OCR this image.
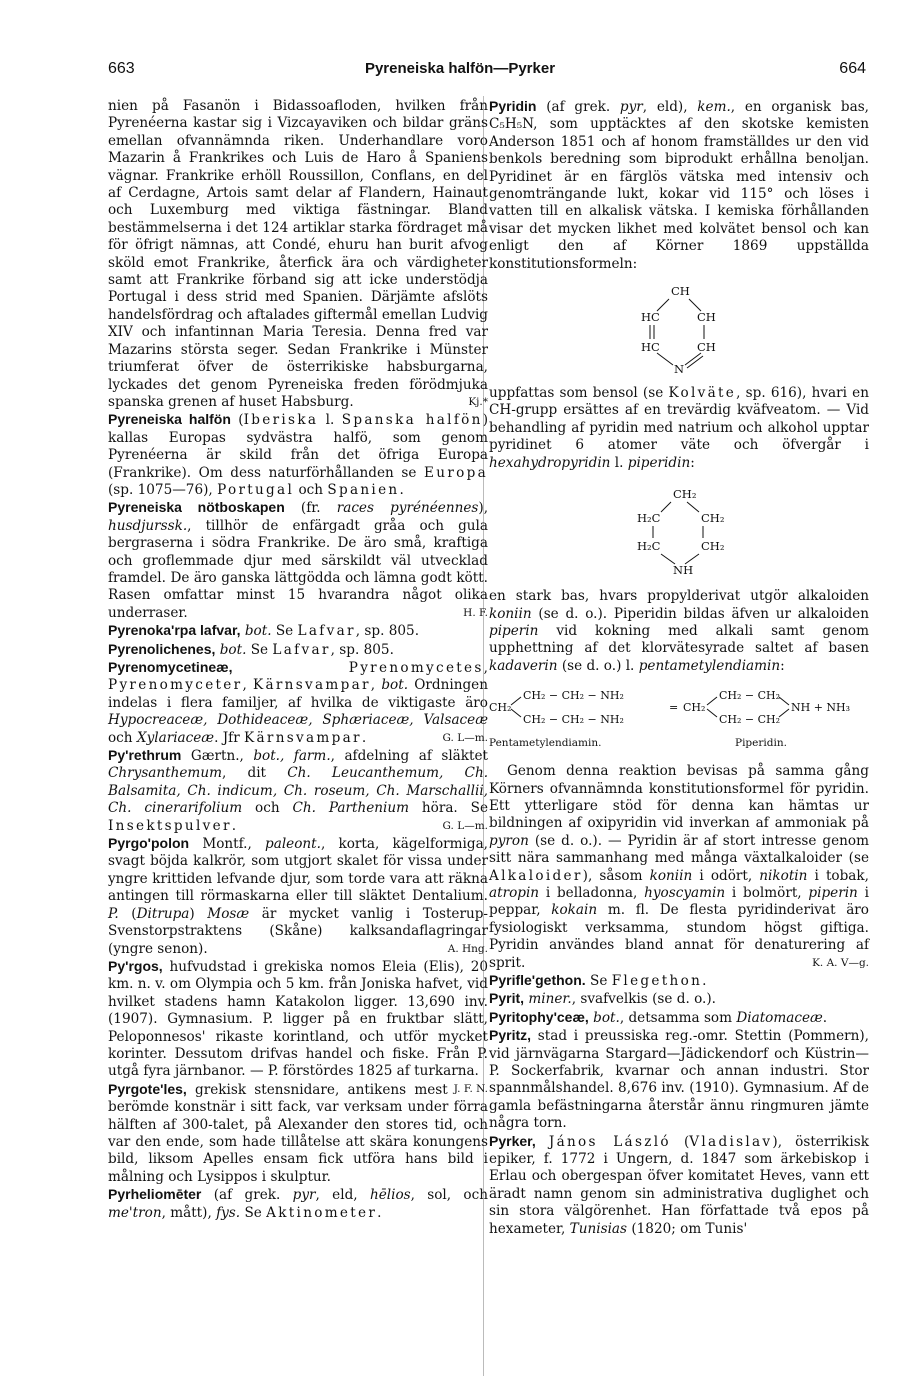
663	Pyreneiska halfön—Pyrker	664

nien på Fasanön i Bidassoafloden, hvilken från Pyrenéerna kastar sig i Vizcayaviken och bildar gräns emellan ofvannämnda riken. Underhandlare voro Mazarin å Frankrikes och Luis de Haro å Spaniens vägnar. Frankrike erhöll Roussillon, Conflans, en del af Cerdagne, Artois samt delar af Flandern, Hainaut och Luxemburg med viktiga fästningar. Bland bestämmelserna i det 124 artiklar starka fördraget må för öfrigt nämnas, att Condé, ehuru han burit afvog sköld emot Frankrike, återfick ära och värdigheter samt att Frankrike förband sig att icke understödja Portugal i dess strid med Spanien. Därjämte afslöts handelsfördrag och aftalades giftermål emellan Ludvig XIV och infantinnan Maria Teresia. Denna fred var Mazarins största seger. Sedan Frankrike i Münster triumferat öfver de österrikiske habsburgarna, lyckades det genom Pyreneiska freden förödmjuka spanska grenen af huset Habsburg.	Kj.*

Pyreneiska halfön (Iberiska l. Spanska halfön) kallas Europas sydvästra halfö, som genom Pyrenéerna är skild från det öfriga Europa (Frankrike). Om dess naturförhållanden se Europa (sp. 1075—76), Portugal och Spanien.

Pyreneiska nötboskapen (fr. races pyrénéennes), husdjurssk., tillhör de enfärgadt gråa och gula bergraserna i södra Frankrike. De äro små, kraftiga och groflemmade djur med särskildt väl utvecklad framdel. De äro ganska lättgödda och lämna godt kött. Rasen omfattar minst 15 hvarandra något olika underraser.	H. F.

Pyrenoka'rpa lafvar, bot. Se Lafvar, sp. 805.

Pyrenolichenes, bot. Se Lafvar, sp. 805.

Pyrenomycetineæ,	Pyrenomycetes, Pyrenomyceter, Kärnsvampar, bot. Ordningen indelas i flera familjer, af hvilka de viktigaste äro Hypocreaceæ, Dothideaceæ, Sphæriaceæ, Valsaceæ och Xylariaceæ. Jfr Kärnsvampar.	G. L—m.

Py'rethrum Gærtn., bot., farm., afdelning af släktet Chrysanthemum, dit Ch. Leucanthemum, Ch. Balsamita, Ch. indicum, Ch. roseum, Ch. Marschallii, Ch. cinerarifolium och Ch. Parthenium höra. Se Insektspulver.	G. L—m.

Pyrgo'polon Montf., paleont., korta, kägelformiga, svagt böjda kalkrör, som utgjort skalet för vissa under yngre krittiden lefvande djur, som torde vara att räkna antingen till rörmaskarna eller till släktet Dentalium. P. (Ditrupa) Mosæ är mycket vanlig i Tosterup-Svenstorpstraktens (Skåne) kalksandaflagringar (yngre senon).	A. Hng.

Py'rgos, hufvudstad i grekiska nomos Eleia (Elis), 20 km. n. v. om Olympia och 5 km. från Joniska hafvet, vid hvilket stadens hamn Katakolon ligger. 13,690 inv. (1907). Gymnasium. P. ligger på en fruktbar slätt, Peloponnesos' rikaste korintland, och utför mycket korinter. Dessutom drifvas handel och fiske. Från P. utgå fyra järnbanor. — P. förstördes 1825 af turkarna.
J. F. N.

Pyrgote'les, grekisk stensnidare, antikens mest berömde konstnär i sitt fack, var verksam under förra hälften af 300-talet, på Alexander den stores tid, och var den ende, som hade tillåtelse att skära konungens bild, liksom Apelles ensam fick utföra hans bild i målning och Lysippos i skulptur.

Pyrheliomēter (af grek. pyr, eld, hēlios, sol, och me'tron, mått), fys. Se Aktinometer.

Pyridin (af grek. pyr, eld), kem., en organisk bas, C₅H₅N, som upptäcktes af den skotske kemisten Anderson 1851 och af honom framställdes ur den vid benkols beredning som biprodukt erhållna benoljan. Pyridinet är en färglös vätska med intensiv och genomträngande lukt, kokar vid 115° och löses i vatten till en alkalisk vätska. I kemiska förhållanden visar det mycken likhet med kolvätet bensol och kan enligt den af Körner 1869 uppställda konstitutionsformeln:

CH
HC	CH
HC	CH
N

uppfattas som bensol (se Kolväte, sp. 616), hvari en CH-grupp ersättes af en trevärdig kväfveatom. — Vid behandling af pyridin med natrium och alkohol upptar pyridinet 6 atomer väte och öfvergår i hexahydropyridin l. piperidin:

CH₂
H₂C	CH₂
H₂C	CH₂
NH

en stark bas, hvars propylderivat utgör alkaloiden koniin (se d. o.). Piperidin bildas äfven ur alkaloiden piperin vid kokning med alkali samt genom upphettning af det klorvätesyrade saltet af basen kadaverin (se d. o.) l. pentametylendiamin:

CH₂
CH₂ − CH₂ − NH₂
CH₂ − CH₂ − NH₂
= CH₂
CH₂ − CH₂
CH₂ − CH₂
NH + NH₃
Pentametylendiamin.	Piperidin.

Genom denna reaktion bevisas på samma gång Körners ofvannämnda konstitutionsformel för pyridin. Ett ytterligare stöd för denna kan hämtas ur bildningen af oxipyridin vid inverkan af ammoniak på pyron (se d. o.). — Pyridin är af stort intresse genom sitt nära sammanhang med många växtalkaloider (se Alkaloider), såsom koniin i odört, nikotin i tobak, atropin i belladonna, hyoscyamin i bolmört, piperin i peppar, kokain m. fl. De flesta pyridinderivat äro fysiologiskt verksamma, stundom högst giftiga. Pyridin användes bland annat för denaturering af sprit.	K. A. V—g.

Pyrifle'gethon. Se Flegethon.

Pyrit, miner., svafvelkis (se d. o.).

Pyritophy'ceæ, bot., detsamma som Diatomaceæ.

Pyritz, stad i preussiska reg.-omr. Stettin (Pommern), vid järnvägarna Stargard—Jädickendorf och Küstrin—P. Sockerfabrik, kvarnar och annan industri. Stor spannmålshandel. 8,676 inv. (1910). Gymnasium. Af de gamla befästningarna återstår ännu ringmuren jämte några torn.

Pyrker, János László (Vladislav), österrikisk epiker, f. 1772 i Ungern, d. 1847 som ärkebiskop i Erlau och obergespan öfver komitatet Heves, vann ett äradt namn genom sin administrativa duglighet och sin stora välgörenhet. Han författade två epos på hexameter, Tunisias (1820; om Tunis'
